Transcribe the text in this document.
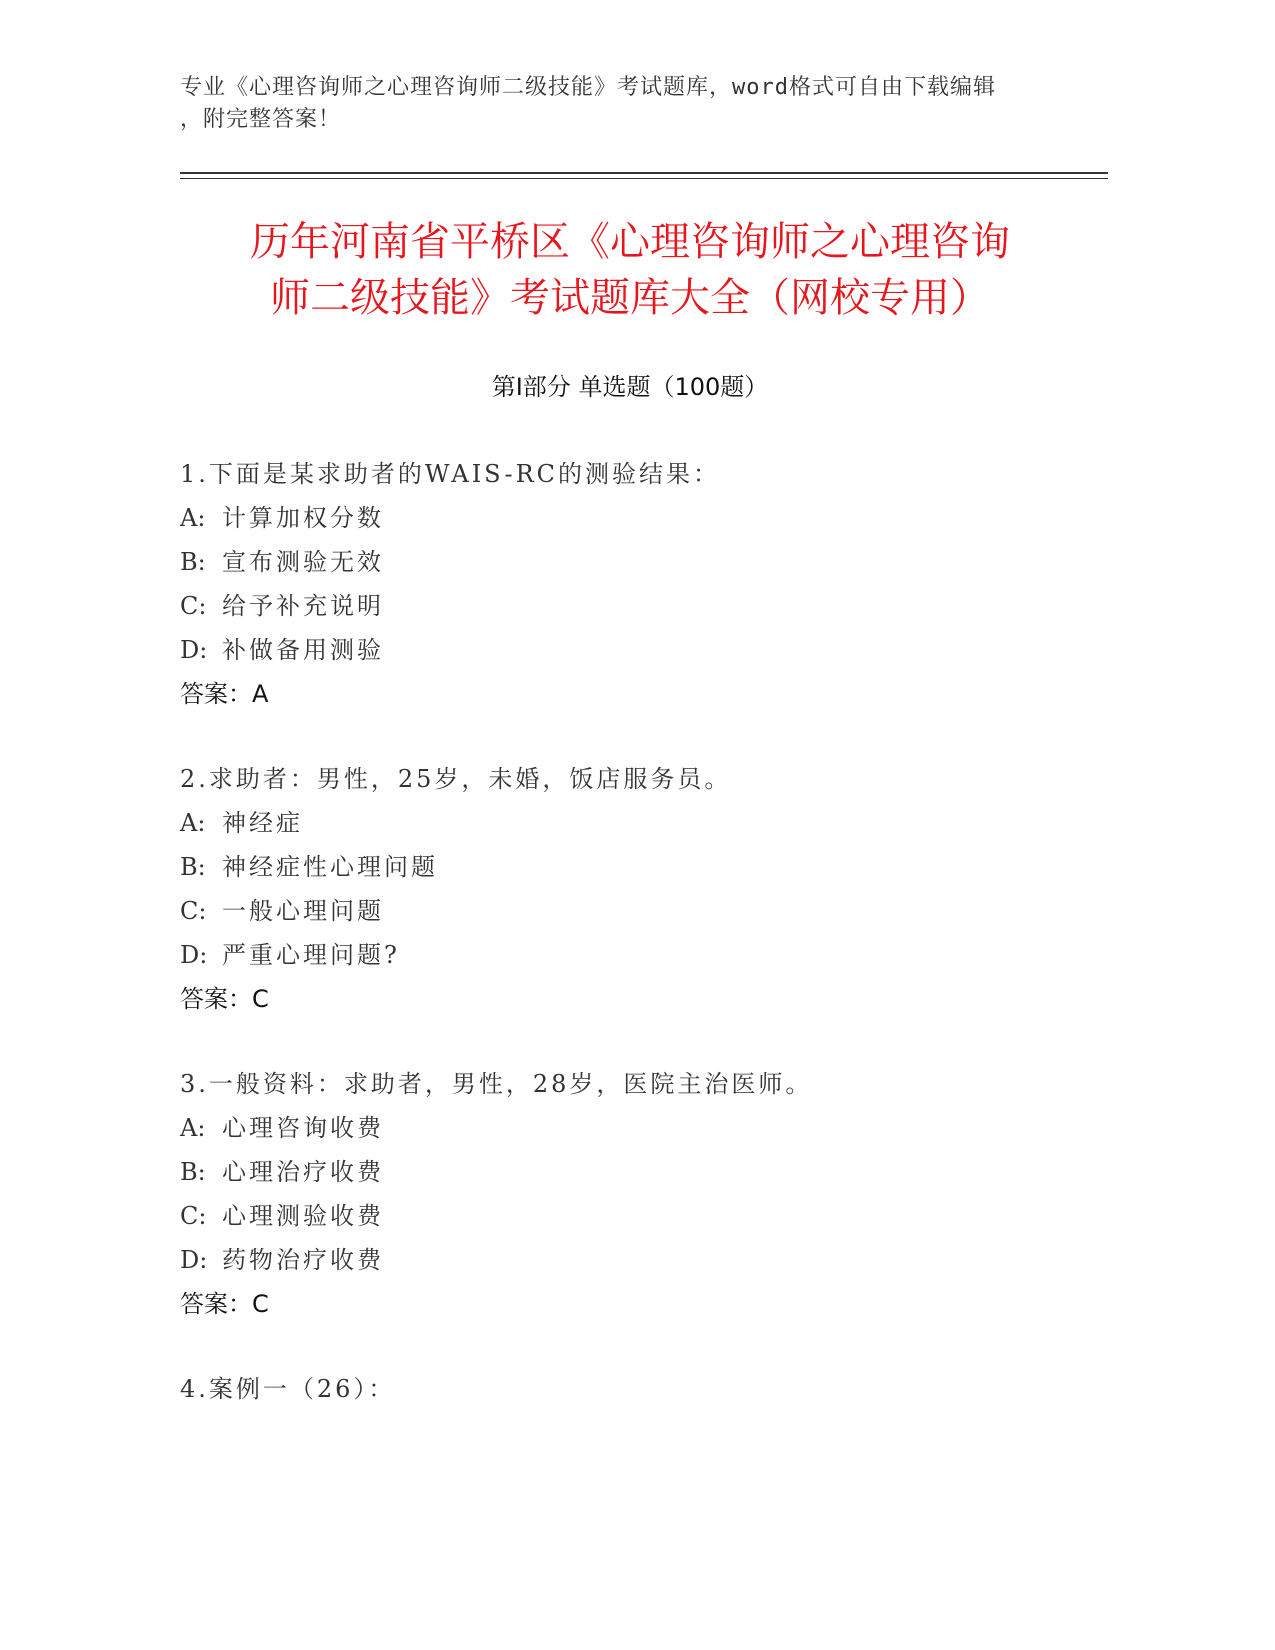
专业《心理咨询师之心理咨询师二级技能》考试题库，word格式可自由下载编辑
，附完整答案！
历年河南省平桥区《心理咨询师之心理咨询
师二级技能》考试题库大全（网校专用）
第Ⅰ部分 单选题（100题）
1.下面是某求助者的WAIS-RC的测验结果：
A: 计算加权分数
B: 宣布测验无效
C: 给予补充说明
D: 补做备用测验
答案：A
2.求助者：男性，25岁，未婚，饭店服务员。
A: 神经症
B: 神经症性心理问题
C: 一般心理问题
D: 严重心理问题?
答案：C
3.一般资料：求助者，男性，28岁，医院主治医师。
A: 心理咨询收费
B: 心理治疗收费
C: 心理测验收费
D: 药物治疗收费
答案：C
4.案例一（26）：
